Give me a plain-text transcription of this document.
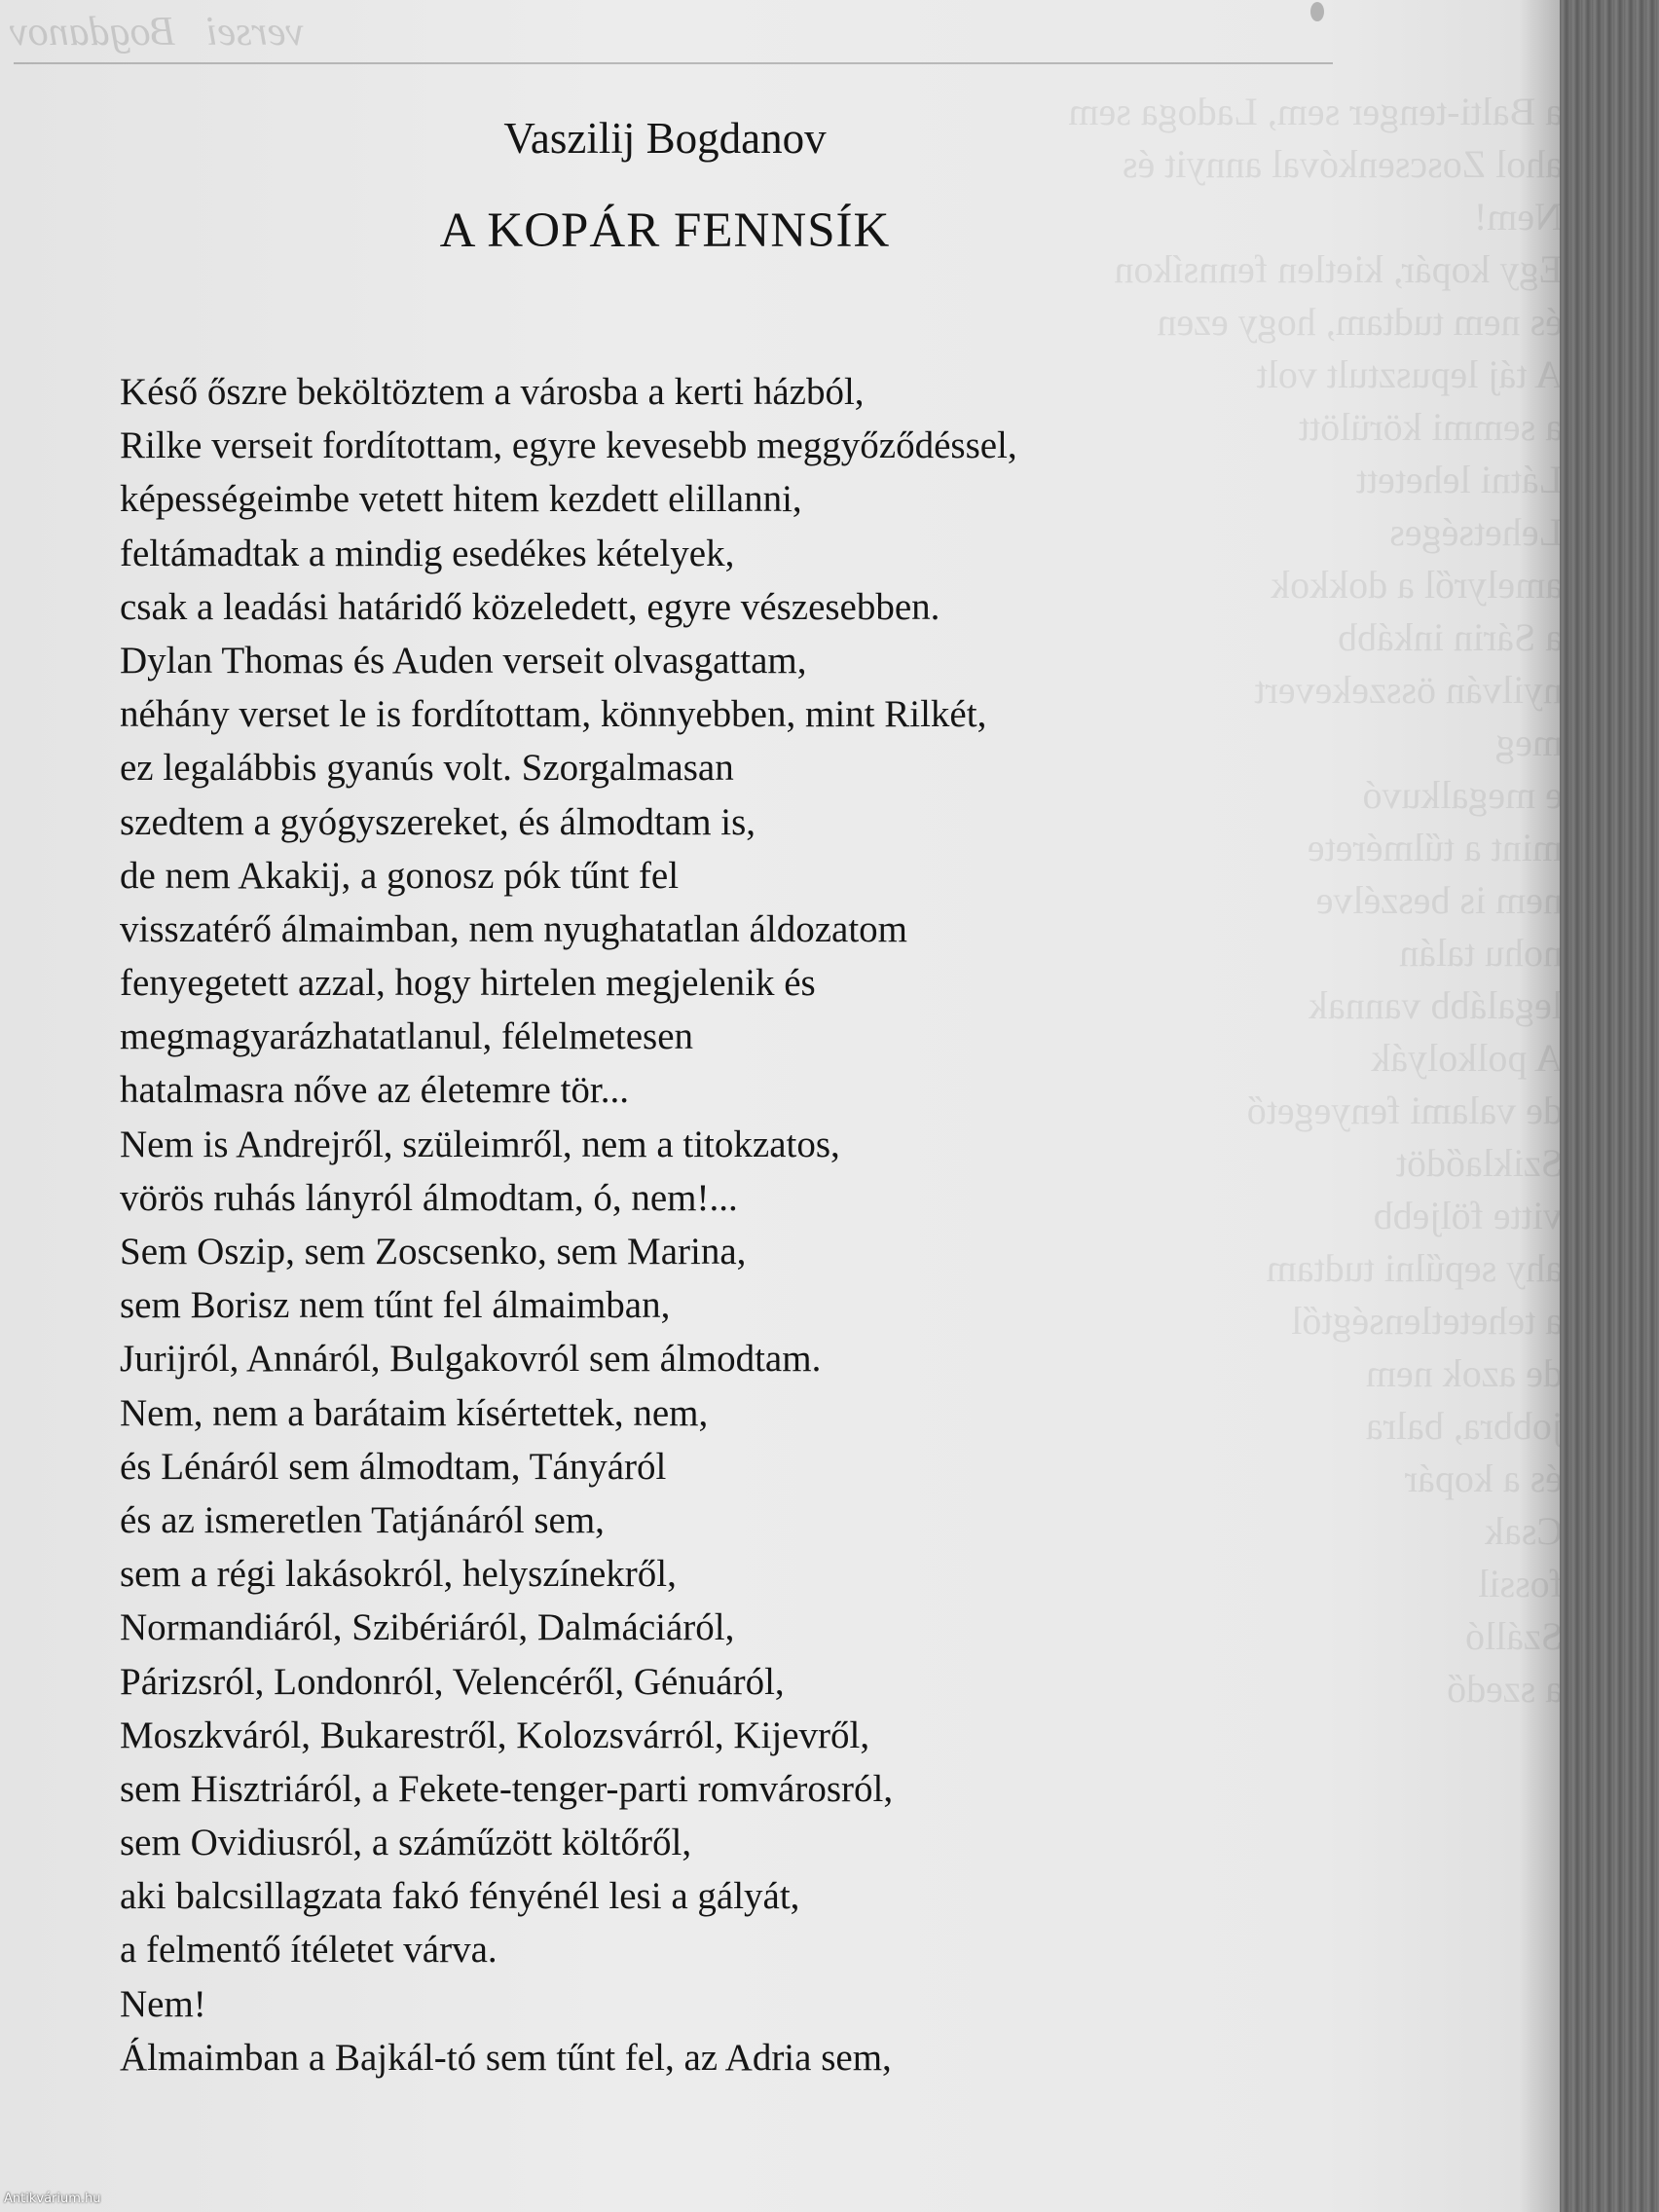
versei   Bogdanov
Balti-tenger sem, Ladoga sem
Zoscsenkóval annyit és

kopár, kietlen fennsíkon
nem tudtam, hogy ezen
táj lepusztult volt
semmi körülött
lehetett
Lehetséges
amelyről a dokkok
Sárin inkább
nyilván összekevert

megalkuvó
a tűlmérete
is beszélve
talán
legalább vannak
polkolyák
valami fenyegető
Sziklaődöt
följebb
sepűlni tudtam
tehetetlenségtől
azok nem
jobbra, balra
a kopár

Szálló
szedő
Vaszilij Bogdanov
A KOPÁR FENNSÍK
Késő őszre beköltöztem a városba a kerti házból,
Rilke verseit fordítottam, egyre kevesebb meggyőződéssel,
képességeimbe vetett hitem kezdett elillanni,
feltámadtak a mindig esedékes kételyek,
csak a leadási határidő közeledett, egyre vészesebben.
Dylan Thomas és Auden verseit olvasgattam,
néhány verset le is fordítottam, könnyebben, mint Rilkét,
ez legalábbis gyanús volt. Szorgalmasan
szedtem a gyógyszereket, és álmodtam is,
de nem Akakij, a gonosz pók tűnt fel
visszatérő álmaimban, nem nyughatatlan áldozatom
fenyegetett azzal, hogy hirtelen megjelenik és
megmagyarázhatatlanul, félelmetesen
hatalmasra nőve az életemre tör...
Nem is Andrejről, szüleimről, nem a titokzatos,
vörös ruhás lányról álmodtam, ó, nem!...
Sem Oszip, sem Zoscsenko, sem Marina,
sem Borisz nem tűnt fel álmaimban,
Jurijról, Annáról, Bulgakovról sem álmodtam.
Nem, nem a barátaim kísértettek, nem,
és Lénáról sem álmodtam, Tányáról
és az ismeretlen Tatjánáról sem,
sem a régi lakásokról, helyszínekről,
Normandiáról, Szibériáról, Dalmáciáról,
Párizsról, Londonról, Velencéről, Génuáról,
Moszkváról, Bukarestről, Kolozsvárról, Kijevről,
sem Hisztriáról, a Fekete-tenger-parti romvárosról,
sem Ovidiusról, a száműzött költőről,
aki balcsillagzata fakó fényénél lesi a gályát,
a felmentő ítéletet várva.
Nem!
Álmaimban a Bajkál-tó sem tűnt fel, az Adria sem,
Antikvárium.hu
